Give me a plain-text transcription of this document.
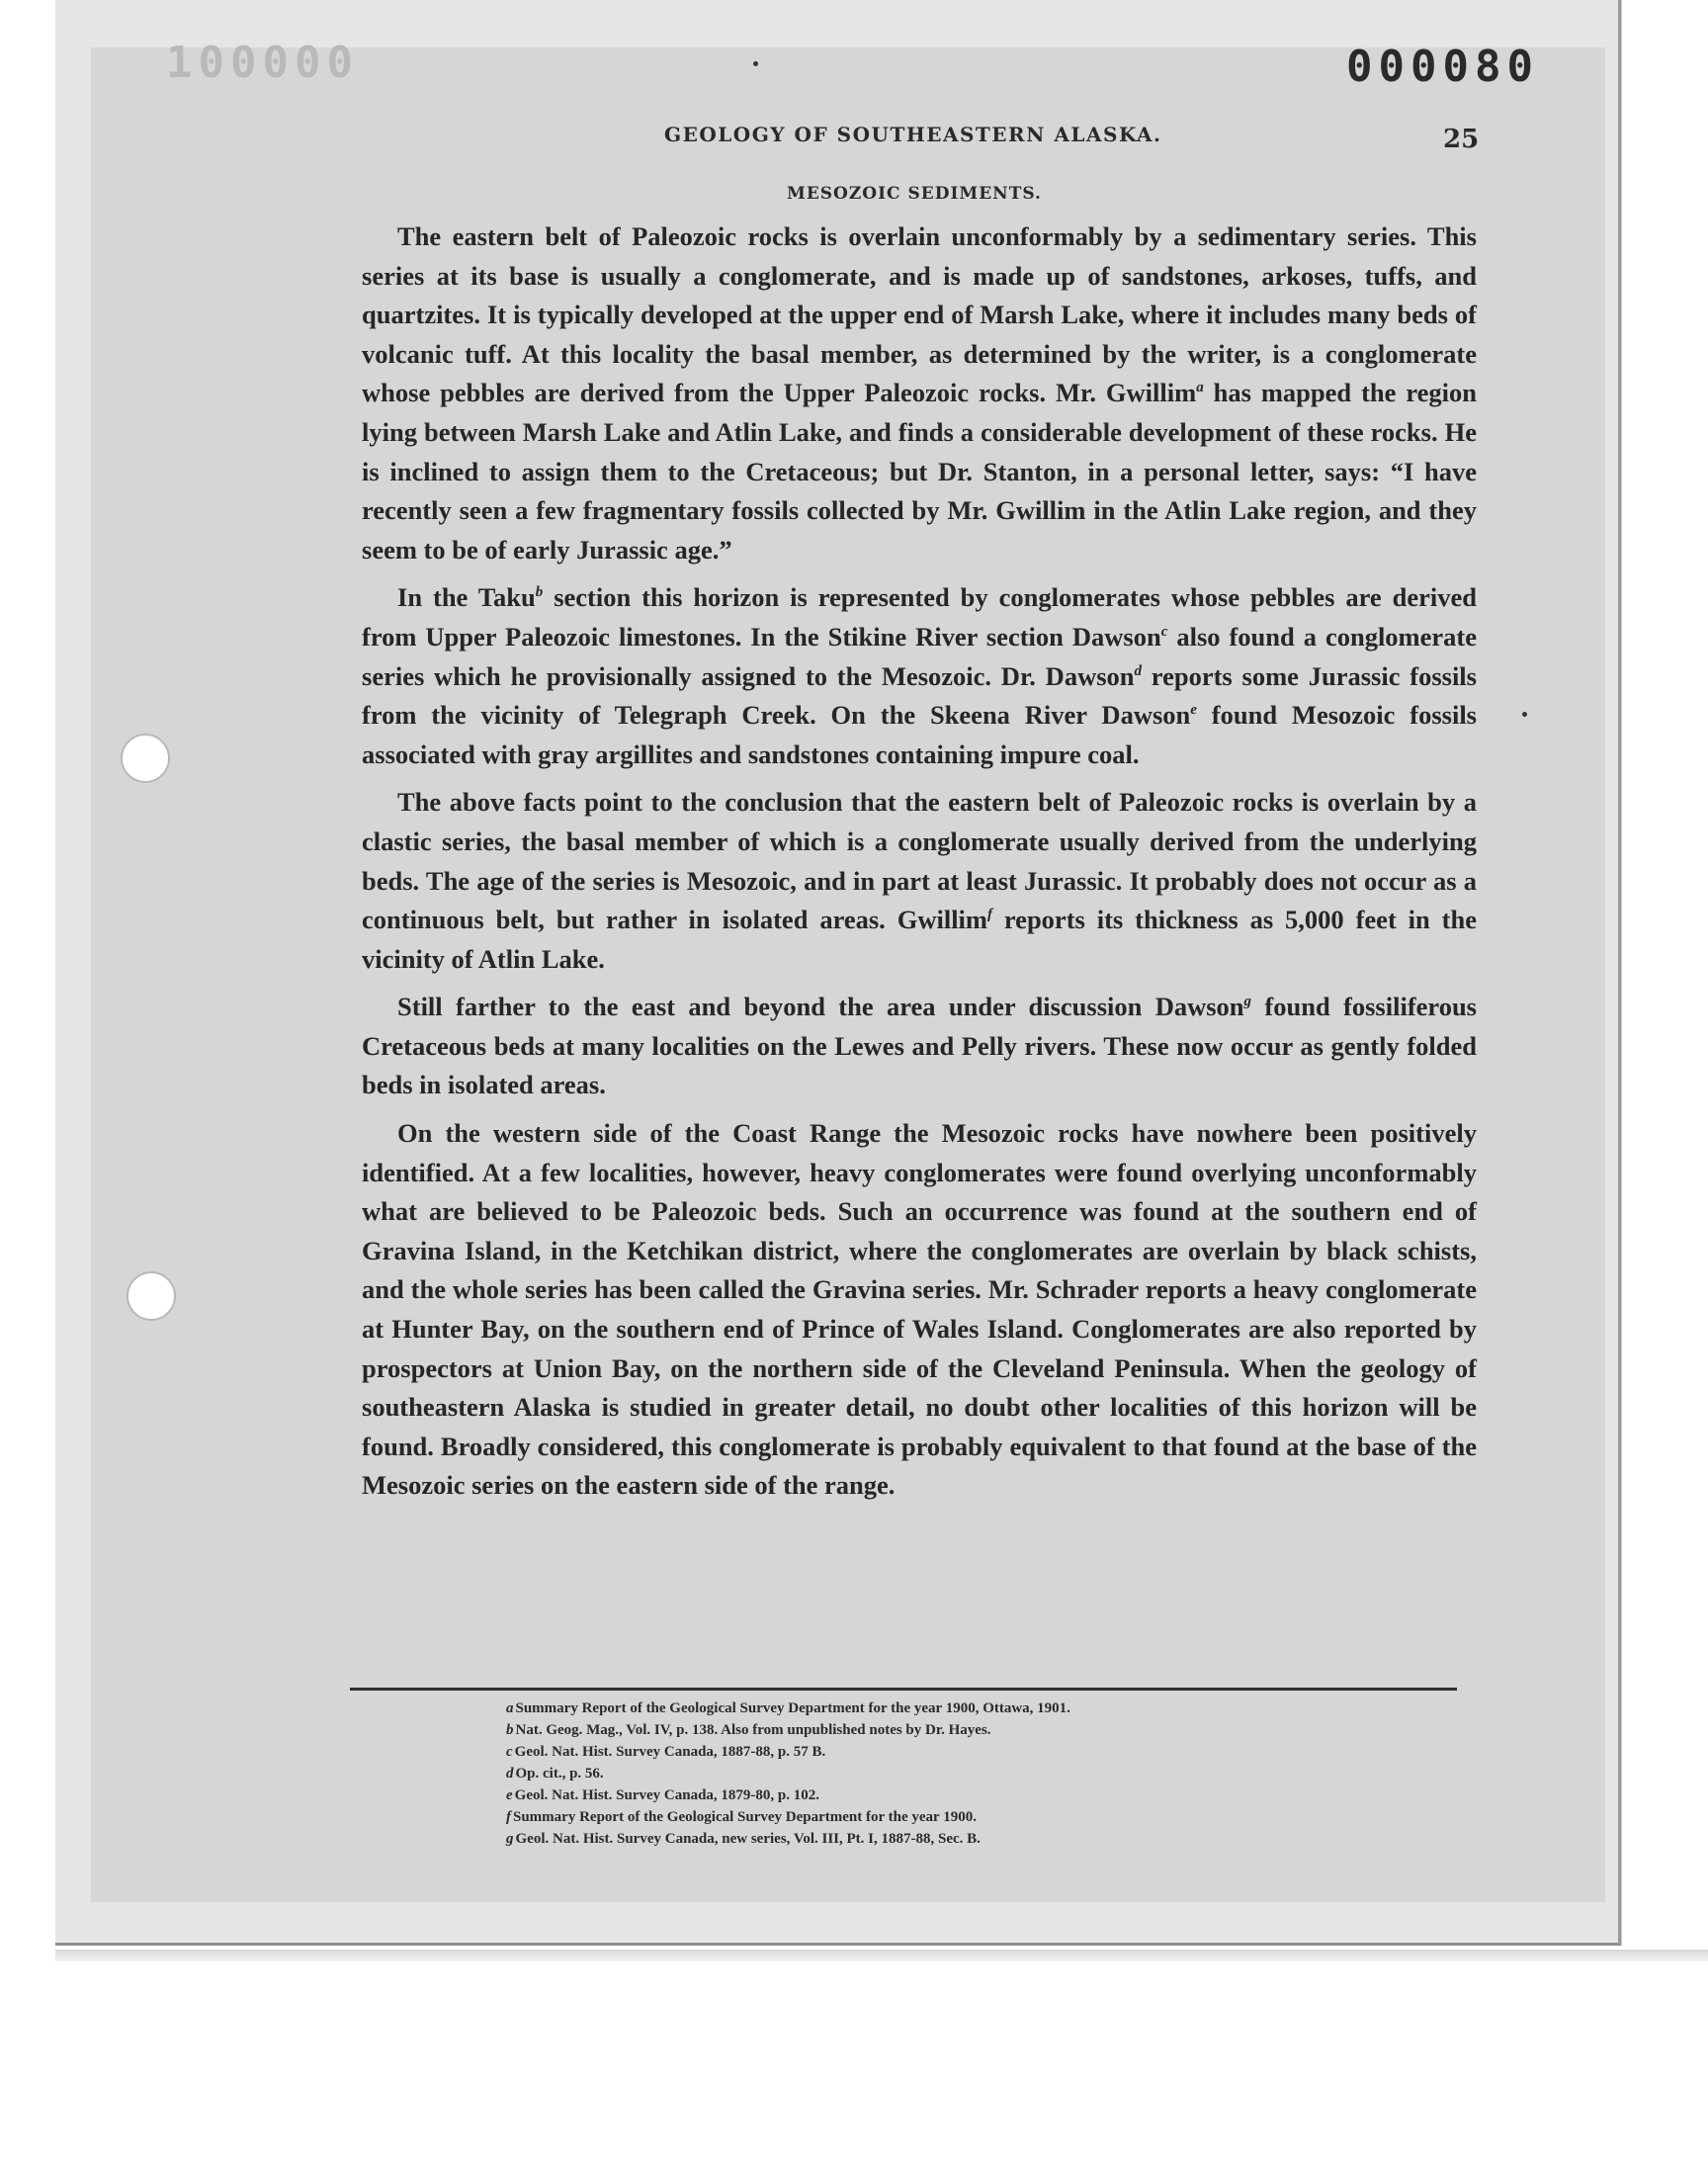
100000	000080
GEOLOGY OF SOUTHEASTERN ALASKA.	25
MESOZOIC SEDIMENTS.

The eastern belt of Paleozoic rocks is overlain unconformably by a sedimentary series. This series at its base is usually a conglomerate, and is made up of sandstones, arkoses, tuffs, and quartzites. It is typically developed at the upper end of Marsh Lake, where it includes many beds of volcanic tuff. At this locality the basal member, as determined by the writer, is a conglomerate whose pebbles are derived from the Upper Paleozoic rocks. Mr. Gwillim$^a$ has mapped the region lying between Marsh Lake and Atlin Lake, and finds a considerable development of these rocks. He is inclined to assign them to the Cretaceous; but Dr. Stanton, in a personal letter, says: “I have recently seen a few fragmentary fossils collected by Mr. Gwillim in the Atlin Lake region, and they seem to be of early Jurassic age.”

In the Taku$^b$ section this horizon is represented by conglomerates whose pebbles are derived from Upper Paleozoic limestones. In the Stikine River section Dawson$^c$ also found a conglomerate series which he provisionally assigned to the Mesozoic. Dr. Dawson$^d$ reports some Jurassic fossils from the vicinity of Telegraph Creek. On the Skeena River Dawson$^e$ found Mesozoic fossils associated with gray argillites and sandstones containing impure coal.

The above facts point to the conclusion that the eastern belt of Paleozoic rocks is overlain by a clastic series, the basal member of which is a conglomerate usually derived from the underlying beds. The age of the series is Mesozoic, and in part at least Jurassic. It probably does not occur as a continuous belt, but rather in isolated areas. Gwillim$^f$ reports its thickness as 5,000 feet in the vicinity of Atlin Lake.

Still farther to the east and beyond the area under discussion Dawson$^g$ found fossiliferous Cretaceous beds at many localities on the Lewes and Pelly rivers. These now occur as gently folded beds in isolated areas.

On the western side of the Coast Range the Mesozoic rocks have nowhere been positively identified. At a few localities, however, heavy conglomerates were found overlying unconformably what are believed to be Paleozoic beds. Such an occurrence was found at the southern end of Gravina Island, in the Ketchikan district, where the conglomerates are overlain by black schists, and the whole series has been called the Gravina series. Mr. Schrader reports a heavy conglomerate at Hunter Bay, on the southern end of Prince of Wales Island. Conglomerates are also reported by prospectors at Union Bay, on the northern side of the Cleveland Peninsula. When the geology of southeastern Alaska is studied in greater detail, no doubt other localities of this horizon will be found. Broadly considered, this conglomerate is probably equivalent to that found at the base of the Mesozoic series on the eastern side of the range.

a Summary Report of the Geological Survey Department for the year 1900, Ottawa, 1901.
b Nat. Geog. Mag., Vol. IV, p. 138. Also from unpublished notes by Dr. Hayes.
c Geol. Nat. Hist. Survey Canada, 1887-88, p. 57 B.
d Op. cit., p. 56.
e Geol. Nat. Hist. Survey Canada, 1879-80, p. 102.
f Summary Report of the Geological Survey Department for the year 1900.
g Geol. Nat. Hist. Survey Canada, new series, Vol. III, Pt. I, 1887-88, Sec. B.
